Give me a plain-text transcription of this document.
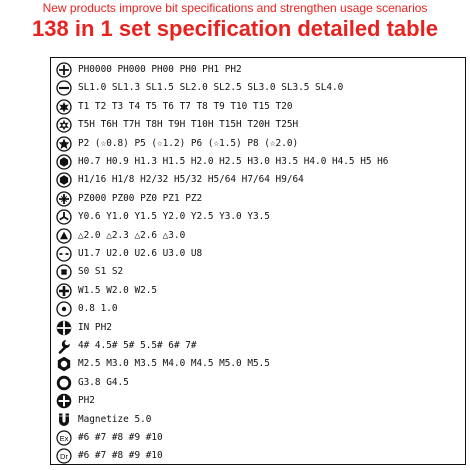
New products improve bit specifications and strengthen usage scenarios
138 in 1 set specification detailed table
PH0000 PH000 PH00 PH0 PH1 PH2
SL1.0 SL1.3 SL1.5 SL2.0 SL2.5 SL3.0 SL3.5 SL4.0
T1 T2 T3 T4 T5 T6 T7 T8 T9 T10 T15 T20
T5H T6H T7H T8H T9H T10H T15H T20H T25H
P2 (☆0.8) P5 (☆1.2) P6 (☆1.5) P8 (☆2.0)
H0.7 H0.9 H1.3 H1.5 H2.0 H2.5 H3.0 H3.5 H4.0 H4.5 H5 H6
H1/16 H1/8 H2/32 H5/32 H5/64 H7/64 H9/64
PZ000 PZ00 PZ0 PZ1 PZ2
Y0.6 Y1.0 Y1.5 Y2.0 Y2.5 Y3.0 Y3.5
△2.0 △2.3 △2.6 △3.0
U1.7 U2.0 U2.6 U3.0 U8
S0 S1 S2
W1.5 W2.0 W2.5
0.8 1.0
IN PH2
4# 4.5# 5# 5.5# 6# 7#
M2.5 M3.0 M3.5 M4.0 M4.5 M5.0 M5.5
G3.8 G4.5
PH2
Magnetize 5.0
Ex #6 #7 #8 #9 #10
Dr #6 #7 #8 #9 #10
